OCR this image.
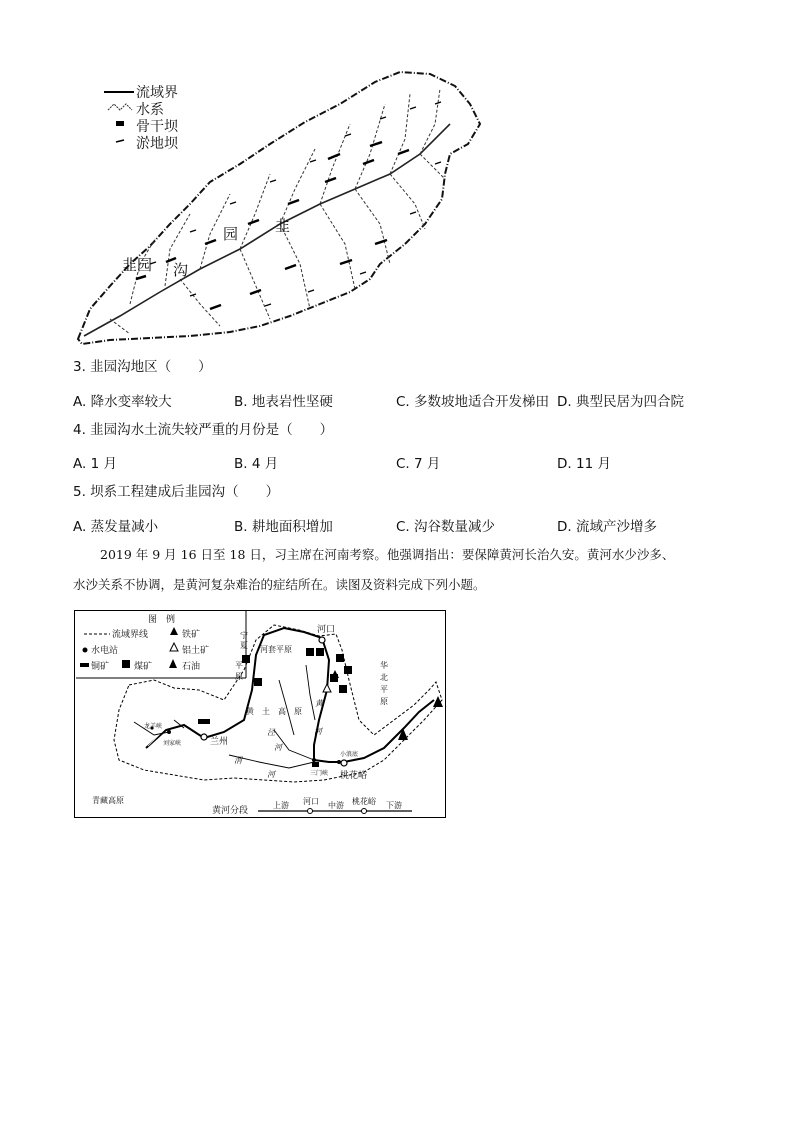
流域界
水系
骨干坝
淤地坝
韭
园
韭园 沟
3. 韭园沟地区（　　）
A. 降水变率较大	B. 地表岩性坚硬	C. 多数坡地适合开发梯田 D. 典型民居为四合院
4. 韭园沟水土流失较严重的月份是（　　）
A. 1 月	B. 4 月	C. 7 月	D. 11 月
5. 坝系工程建成后韭园沟（　　）
A. 蒸发量减小	B. 耕地面积增加	C. 沟谷数量减少	D. 流域产沙增多
2019 年 9 月 16 日至 18 日，习主席在河南考察。他强调指出：要保障黄河长治久安。黄河水少沙多、
水沙关系不协调，是黄河复杂难治的症结所在。读图及资料完成下列小题。
图　例
流域界线	铁矿
水电站	铝土矿
铜矿	煤矿	石油
宁
夏
平
原
河套平原
河口
华
北
平
原
黄 土 高 原
黄
河
泾
河
渭
河
兰州
刘家峡
龙羊峡
青藏高原
桃花峪
小浪底
三门峡
黄河分段
上游 河口 中游 桃花峪 下游
